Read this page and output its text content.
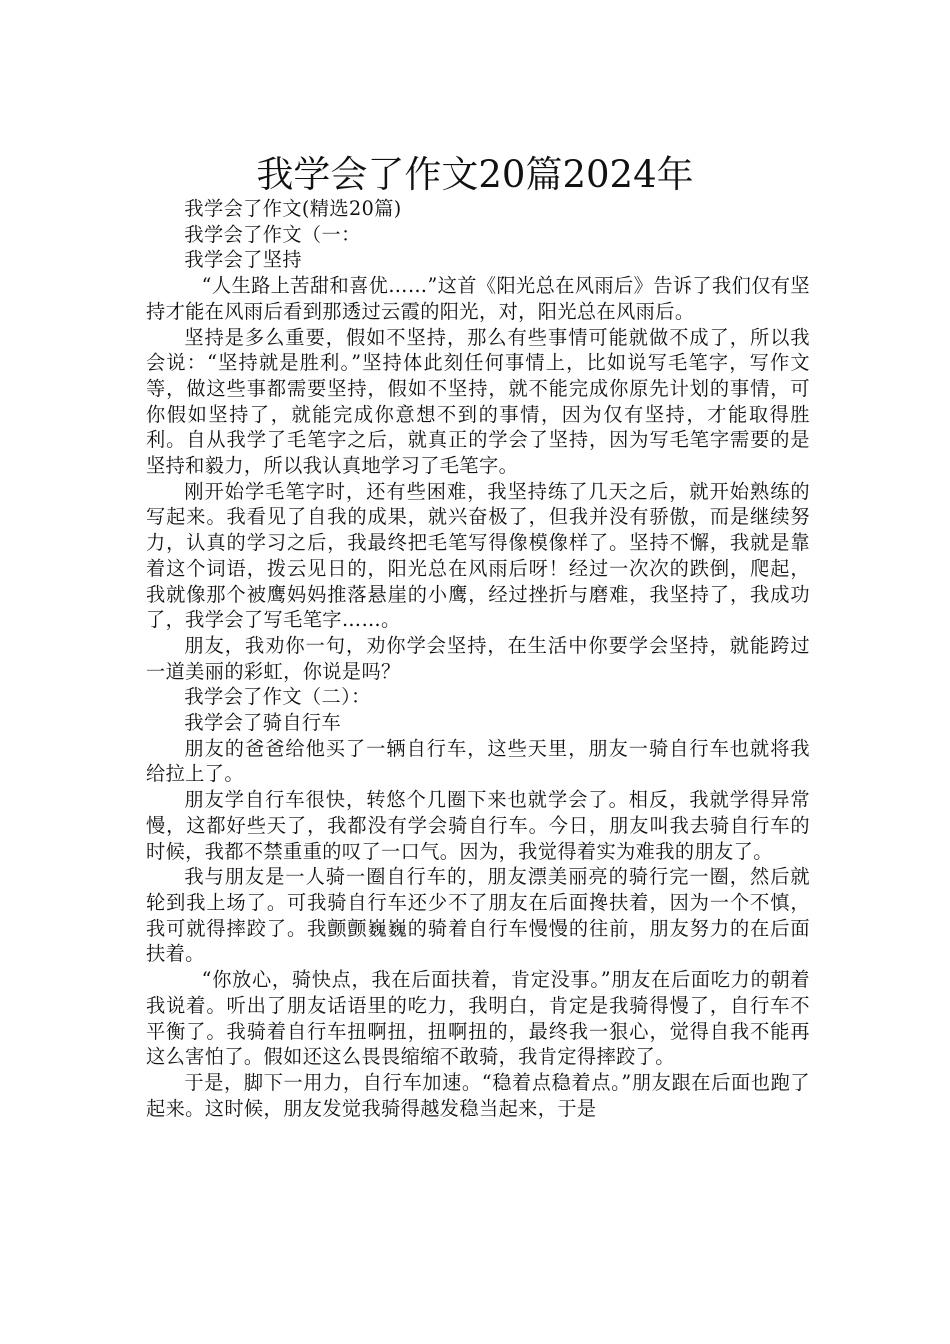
我学会了作文20篇2024年

我学会了作文(精选20篇)

我学会了作文（一：

我学会了坚持

“人生路上苦甜和喜优……”这首《阳光总在风雨后》告诉了我们仅有坚持才能在风雨后看到那透过云霞的阳光，对，阳光总在风雨后。

坚持是多么重要，假如不坚持，那么有些事情可能就做不成了，所以我会说：“坚持就是胜利。”坚持体此刻任何事情上，比如说写毛笔字，写作文等，做这些事都需要坚持，假如不坚持，就不能完成你原先计划的事情，可你假如坚持了，就能完成你意想不到的事情，因为仅有坚持，才能取得胜利。自从我学了毛笔字之后，就真正的学会了坚持，因为写毛笔字需要的是坚持和毅力，所以我认真地学习了毛笔字。

刚开始学毛笔字时，还有些困难，我坚持练了几天之后，就开始熟练的写起来。我看见了自我的成果，就兴奋极了，但我并没有骄傲，而是继续努力，认真的学习之后，我最终把毛笔写得像模像样了。坚持不懈，我就是靠着这个词语，拨云见日的，阳光总在风雨后呀！经过一次次的跌倒，爬起，我就像那个被鹰妈妈推落悬崖的小鹰，经过挫折与磨难，我坚持了，我成功了，我学会了写毛笔字……。

朋友，我劝你一句，劝你学会坚持，在生活中你要学会坚持，就能跨过一道美丽的彩虹，你说是吗？

我学会了作文（二）：

我学会了骑自行车

朋友的爸爸给他买了一辆自行车，这些天里，朋友一骑自行车也就将我给拉上了。

朋友学自行车很快，转悠个几圈下来也就学会了。相反，我就学得异常慢，这都好些天了，我都没有学会骑自行车。今日，朋友叫我去骑自行车的时候，我都不禁重重的叹了一口气。因为，我觉得着实为难我的朋友了。

我与朋友是一人骑一圈自行车的，朋友漂美丽亮的骑行完一圈，然后就轮到我上场了。可我骑自行车还少不了朋友在后面搀扶着，因为一个不慎，我可就得摔跤了。我颤颤巍巍的骑着自行车慢慢的往前，朋友努力的在后面扶着。

“你放心，骑快点，我在后面扶着，肯定没事。”朋友在后面吃力的朝着我说着。听出了朋友话语里的吃力，我明白，肯定是我骑得慢了，自行车不平衡了。我骑着自行车扭啊扭，扭啊扭的，最终我一狠心，觉得自我不能再这么害怕了。假如还这么畏畏缩缩不敢骑，我肯定得摔跤了。

于是，脚下一用力，自行车加速。“稳着点稳着点。”朋友跟在后面也跑了起来。这时候，朋友发觉我骑得越发稳当起来，于是
